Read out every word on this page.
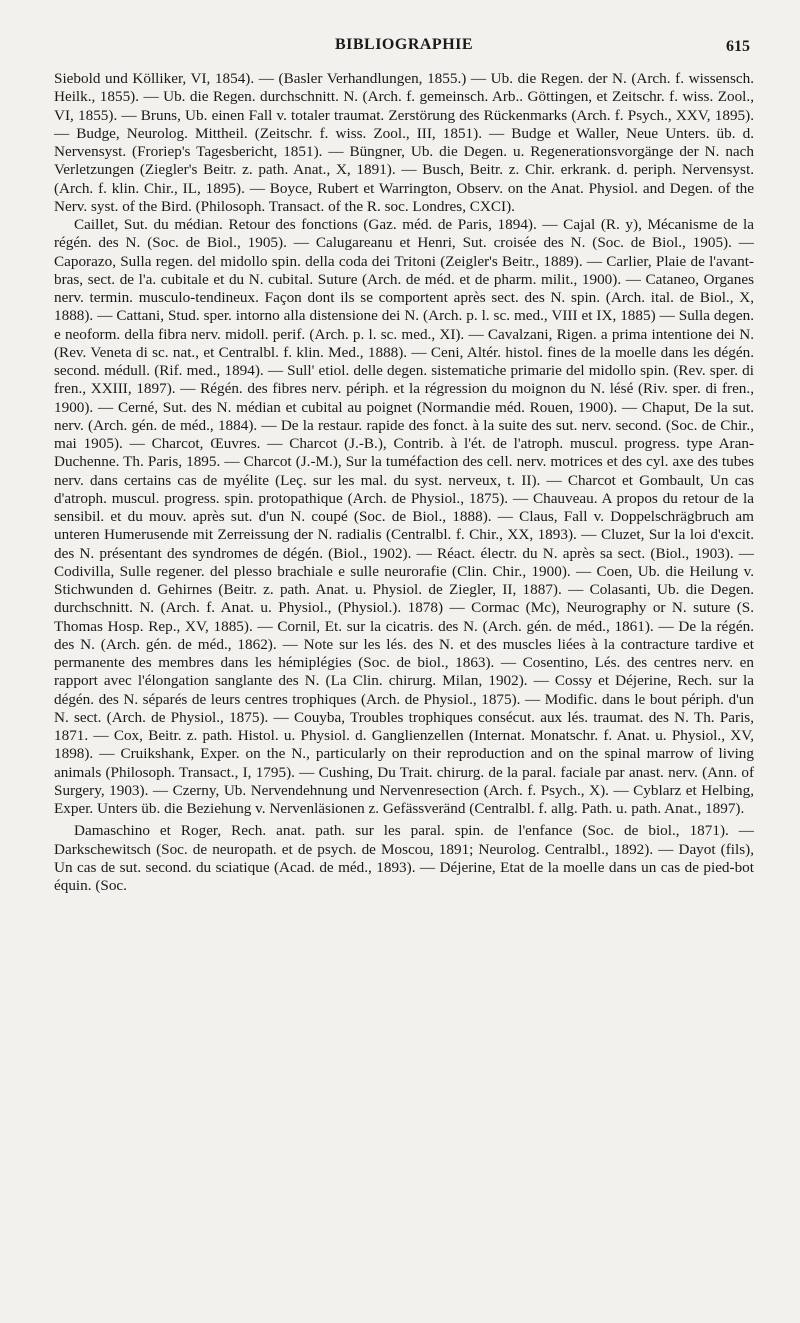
BIBLIOGRAPHIE	615

Siebold und Kölliker, VI, 1854). — (Basler Verhandlungen, 1855.) — Ub. die Regen. der N. (Arch. f. wissensch. Heilk., 1855). — Ub. die Regen. durchschnitt. N. (Arch. f. gemeinsch. Arb.. Göttingen, et Zeitschr. f. wiss. Zool., VI, 1855). — Bruns, Ub. einen Fall v. totaler traumat. Zerstörung des Rückenmarks (Arch. f. Psych., XXV, 1895). — Budge, Neurolog. Mittheil. (Zeitschr. f. wiss. Zool., III, 1851). — Budge et Waller, Neue Unters. üb. d. Nervensyst. (Froriep's Tagesbericht, 1851). — Büngner, Ub. die Degen. u. Regenerationsvorgänge der N. nach Verletzungen (Ziegler's Beitr. z. path. Anat., X, 1891). — Busch, Beitr. z. Chir. erkrank. d. periph. Nervensyst. (Arch. f. klin. Chir., IL, 1895). — Boyce, Rubert et Warrington, Observ. on the Anat. Physiol. and Degen. of the Nerv. syst. of the Bird. (Philosoph. Transact. of the R. soc. Londres, CXCI).

Caillet, Sut. du médian. Retour des fonctions (Gaz. méd. de Paris, 1894). — Cajal (R. y), Mécanisme de la régén. des N. (Soc. de Biol., 1905). — Calugareanu et Henri, Sut. croisée des N. (Soc. de Biol., 1905). — Caporazo, Sulla regen. del midollo spin. della coda dei Tritoni (Zeigler's Beitr., 1889). — Carlier, Plaie de l'avant-bras, sect. de l'a. cubitale et du N. cubital. Suture (Arch. de méd. et de pharm. milit., 1900). — Cataneo, Organes nerv. termin. musculo-tendineux. Façon dont ils se comportent après sect. des N. spin. (Arch. ital. de Biol., X, 1888). — Cattani, Stud. sper. intorno alla distensione dei N. (Arch. p. l. sc. med., VIII et IX, 1885) — Sulla degen. e neoform. della fibra nerv. midoll. perif. (Arch. p. l. sc. med., XI). — Cavalzani, Rigen. a prima intentione dei N. (Rev. Veneta di sc. nat., et Centralbl. f. klin. Med., 1888). — Ceni, Altér. histol. fines de la moelle dans les dégén. second. médull. (Rif. med., 1894). — Sull' etiol. delle degen. sistematiche primarie del midollo spin. (Rev. sper. di fren., XXIII, 1897). — Régén. des fibres nerv. périph. et la régression du moignon du N. lésé (Riv. sper. di fren., 1900). — Cerné, Sut. des N. médian et cubital au poignet (Normandie méd. Rouen, 1900). — Chaput, De la sut. nerv. (Arch. gén. de méd., 1884). — De la restaur. rapide des fonct. à la suite des sut. nerv. second. (Soc. de Chir., mai 1905). — Charcot, Œuvres. — Charcot (J.-B.), Contrib. à l'ét. de l'atroph. muscul. progress. type Aran-Duchenne. Th. Paris, 1895. — Charcot (J.-M.), Sur la tuméfaction des cell. nerv. motrices et des cyl. axe des tubes nerv. dans certains cas de myélite (Leç. sur les mal. du syst. nerveux, t. II). — Charcot et Gombault, Un cas d'atroph. muscul. progress. spin. protopathique (Arch. de Physiol., 1875). — Chauveau. A propos du retour de la sensibil. et du mouv. après sut. d'un N. coupé (Soc. de Biol., 1888). — Claus, Fall v. Doppelschrägbruch am unteren Humerusende mit Zerreissung der N. radialis (Centralbl. f. Chir., XX, 1893). — Cluzet, Sur la loi d'excit. des N. présentant des syndromes de dégén. (Biol., 1902). — Réact. électr. du N. après sa sect. (Biol., 1903). — Codivilla, Sulle regener. del plesso brachiale e sulle neurorafie (Clin. Chir., 1900). — Coen, Ub. die Heilung v. Stichwunden d. Gehirnes (Beitr. z. path. Anat. u. Physiol. de Ziegler, II, 1887). — Colasanti, Ub. die Degen. durchschnitt. N. (Arch. f. Anat. u. Physiol., (Physiol.). 1878) — Cormac (Mc), Neurography or N. suture (S. Thomas Hosp. Rep., XV, 1885). — Cornil, Et. sur la cicatris. des N. (Arch. gén. de méd., 1861). — De la régén. des N. (Arch. gén. de méd., 1862). — Note sur les lés. des N. et des muscles liées à la contracture tardive et permanente des membres dans les hémiplégies (Soc. de biol., 1863). — Cosentino, Lés. des centres nerv. en rapport avec l'élongation sanglante des N. (La Clin. chirurg. Milan, 1902). — Cossy et Déjerine, Rech. sur la dégén. des N. séparés de leurs centres trophiques (Arch. de Physiol., 1875). — Modific. dans le bout périph. d'un N. sect. (Arch. de Physiol., 1875). — Couyba, Troubles trophiques consécut. aux lés. traumat. des N. Th. Paris, 1871. — Cox, Beitr. z. path. Histol. u. Physiol. d. Ganglienzellen (Internat. Monatschr. f. Anat. u. Physiol., XV, 1898). — Cruikshank, Exper. on the N., particularly on their reproduction and on the spinal marrow of living animals (Philosoph. Transact., I, 1795). — Cushing, Du Trait. chirurg. de la paral. faciale par anast. nerv. (Ann. of Surgery, 1903). — Czerny, Ub. Nervendehnung und Nervenresection (Arch. f. Psych., X). — Cyblarz et Helbing, Exper. Unters üb. die Beziehung v. Nervenläsionen z. Gefässveränd (Centralbl. f. allg. Path. u. path. Anat., 1897).

Damaschino et Roger, Rech. anat. path. sur les paral. spin. de l'enfance (Soc. de biol., 1871). — Darkschewitsch (Soc. de neuropath. et de psych. de Moscou, 1891; Neurolog. Centralbl., 1892). — Dayot (fils), Un cas de sut. second. du sciatique (Acad. de méd., 1893). — Déjerine, Etat de la moelle dans un cas de pied-bot équin. (Soc.
